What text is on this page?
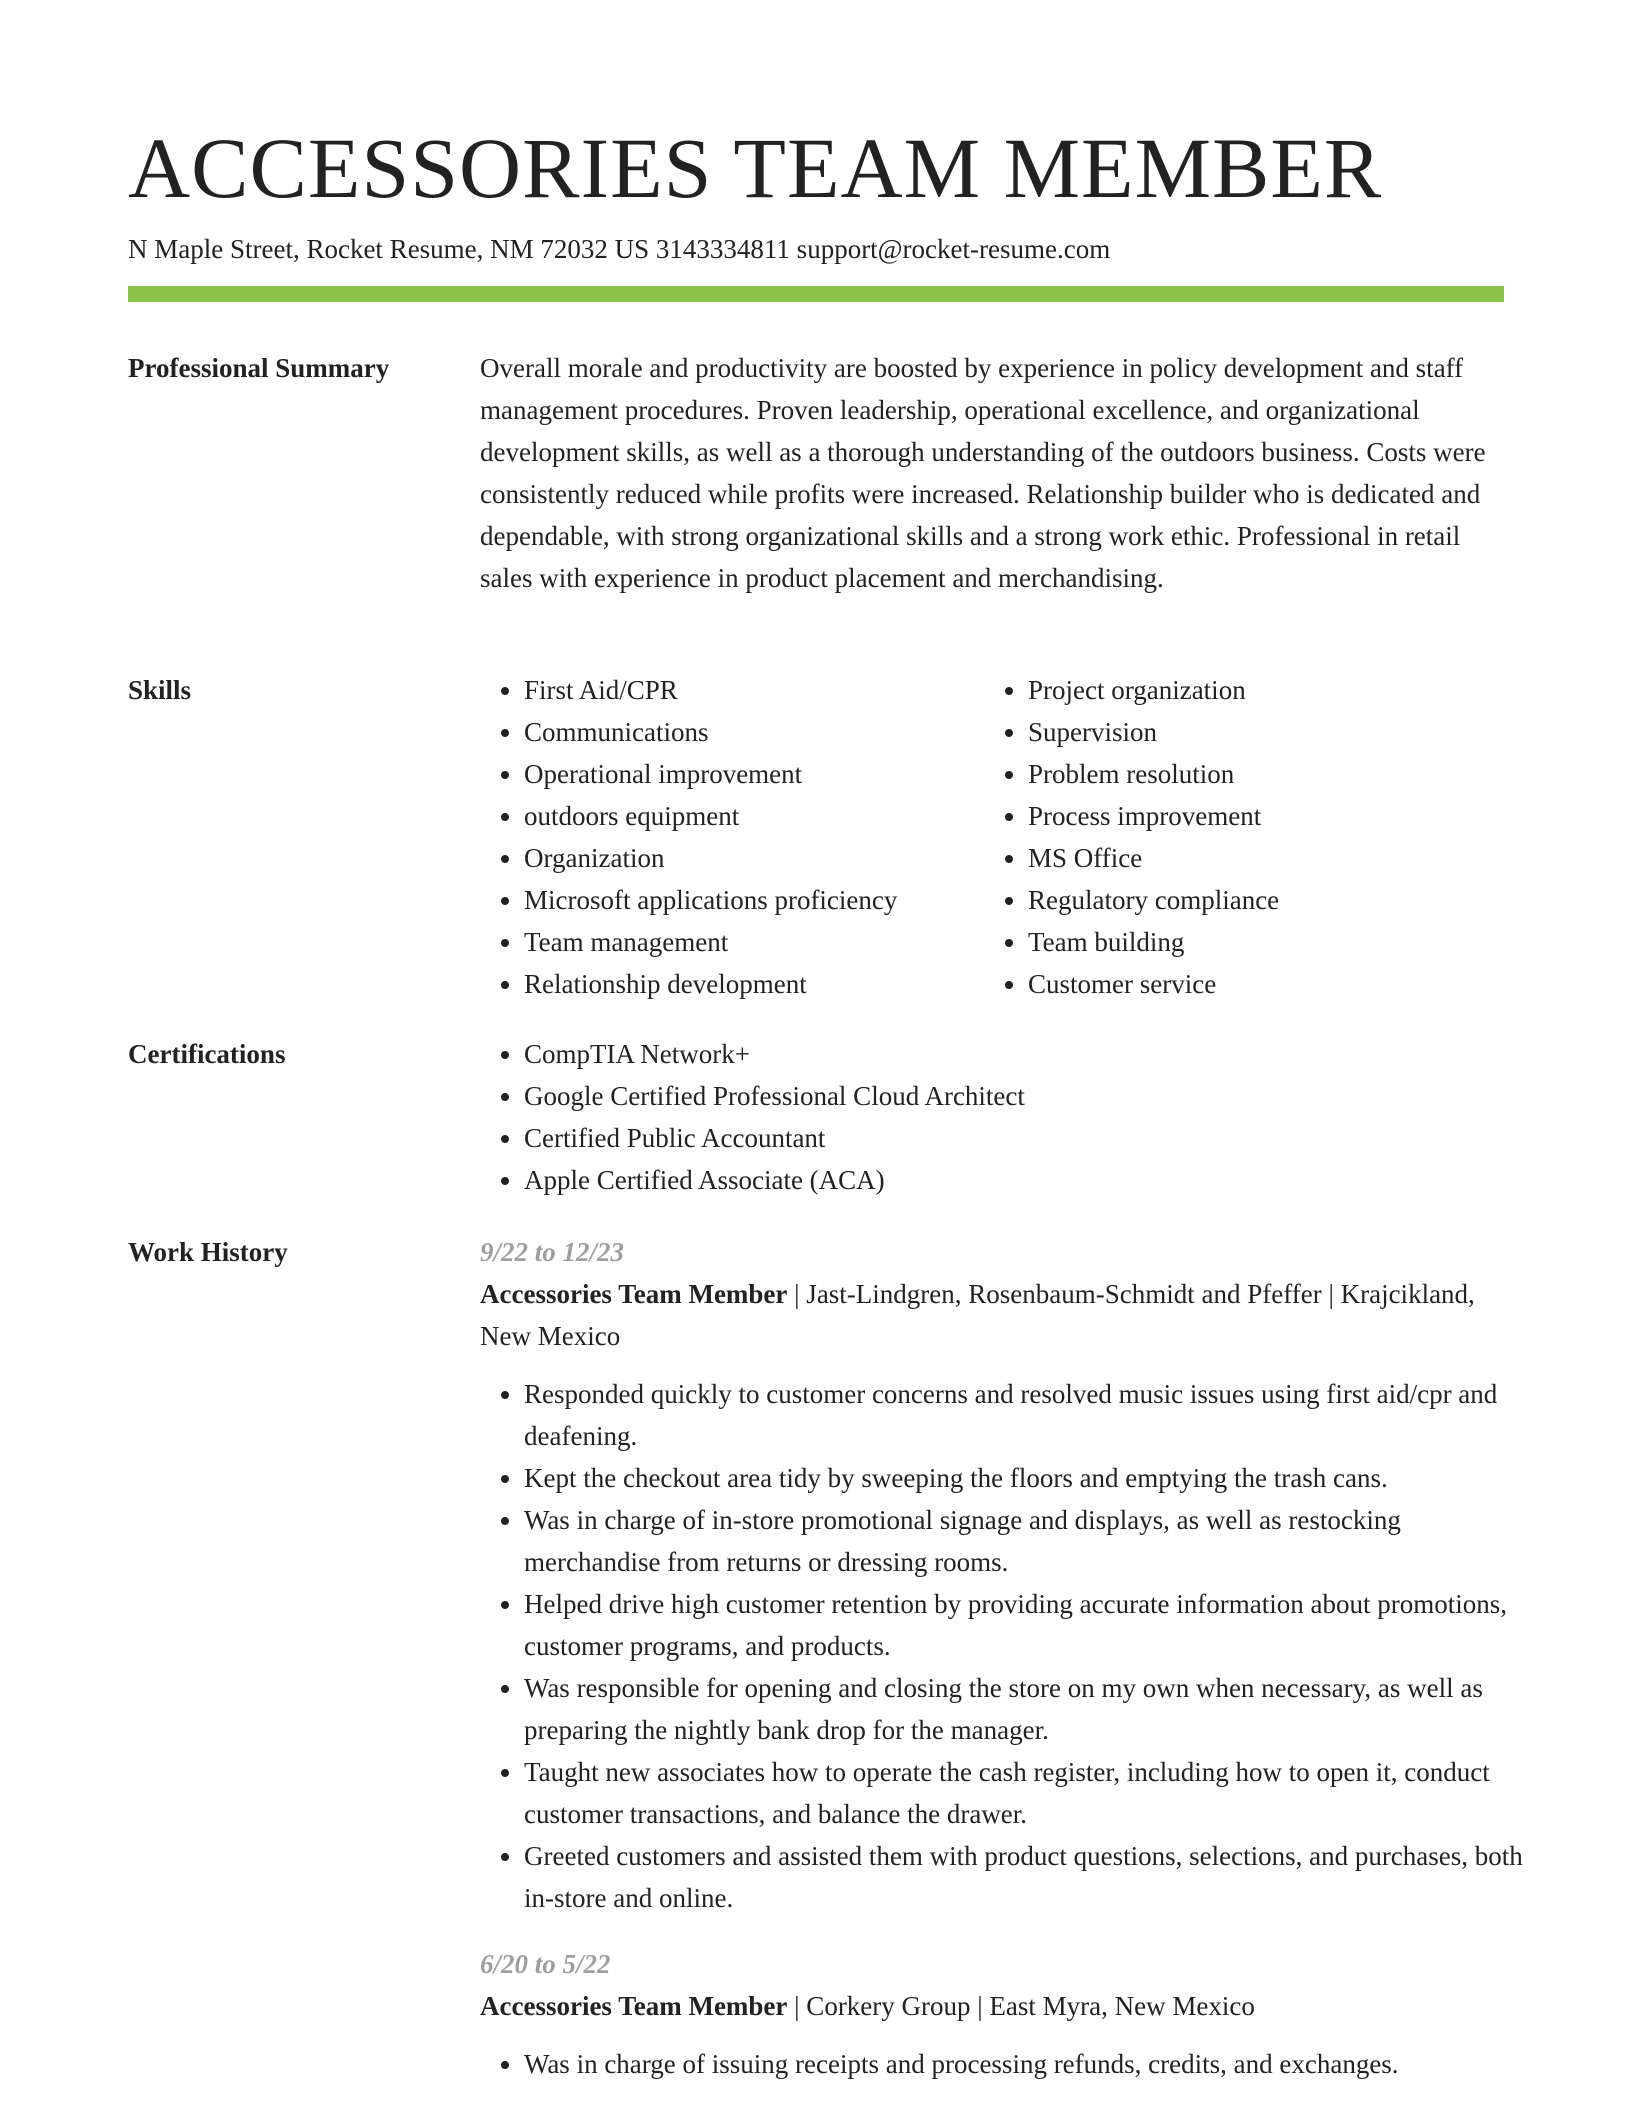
ACCESSORIES TEAM MEMBER
N Maple Street, Rocket Resume, NM 72032 US 3143334811 support@rocket-resume.com
Professional Summary	Overall morale and productivity are boosted by experience in policy development and staff management procedures. Proven leadership, operational excellence, and organizational development skills, as well as a thorough understanding of the outdoors business. Costs were consistently reduced while profits were increased. Relationship builder who is dedicated and dependable, with strong organizational skills and a strong work ethic. Professional in retail sales with experience in product placement and merchandising.

Skills	• First Aid/CPR
• Communications
• Operational improvement
• outdoors equipment
• Organization
• Microsoft applications proficiency
• Team management
• Relationship development
• Project organization
• Supervision
• Problem resolution
• Process improvement
• MS Office
• Regulatory compliance
• Team building
• Customer service
Certifications	• CompTIA Network+
• Google Certified Professional Cloud Architect
• Certified Public Accountant
• Apple Certified Associate (ACA)
Work History	9/22 to 12/23
Accessories Team Member | Jast-Lindgren, Rosenbaum-Schmidt and Pfeffer | Krajcikland, New Mexico
• Responded quickly to customer concerns and resolved music issues using first aid/cpr and deafening.
• Kept the checkout area tidy by sweeping the floors and emptying the trash cans.
• Was in charge of in-store promotional signage and displays, as well as restocking merchandise from returns or dressing rooms.
• Helped drive high customer retention by providing accurate information about promotions, customer programs, and products.
• Was responsible for opening and closing the store on my own when necessary, as well as preparing the nightly bank drop for the manager.
• Taught new associates how to operate the cash register, including how to open it, conduct customer transactions, and balance the drawer.
• Greeted customers and assisted them with product questions, selections, and purchases, both in-store and online.
6/20 to 5/22
Accessories Team Member | Corkery Group | East Myra, New Mexico
• Was in charge of issuing receipts and processing refunds, credits, and exchanges.
